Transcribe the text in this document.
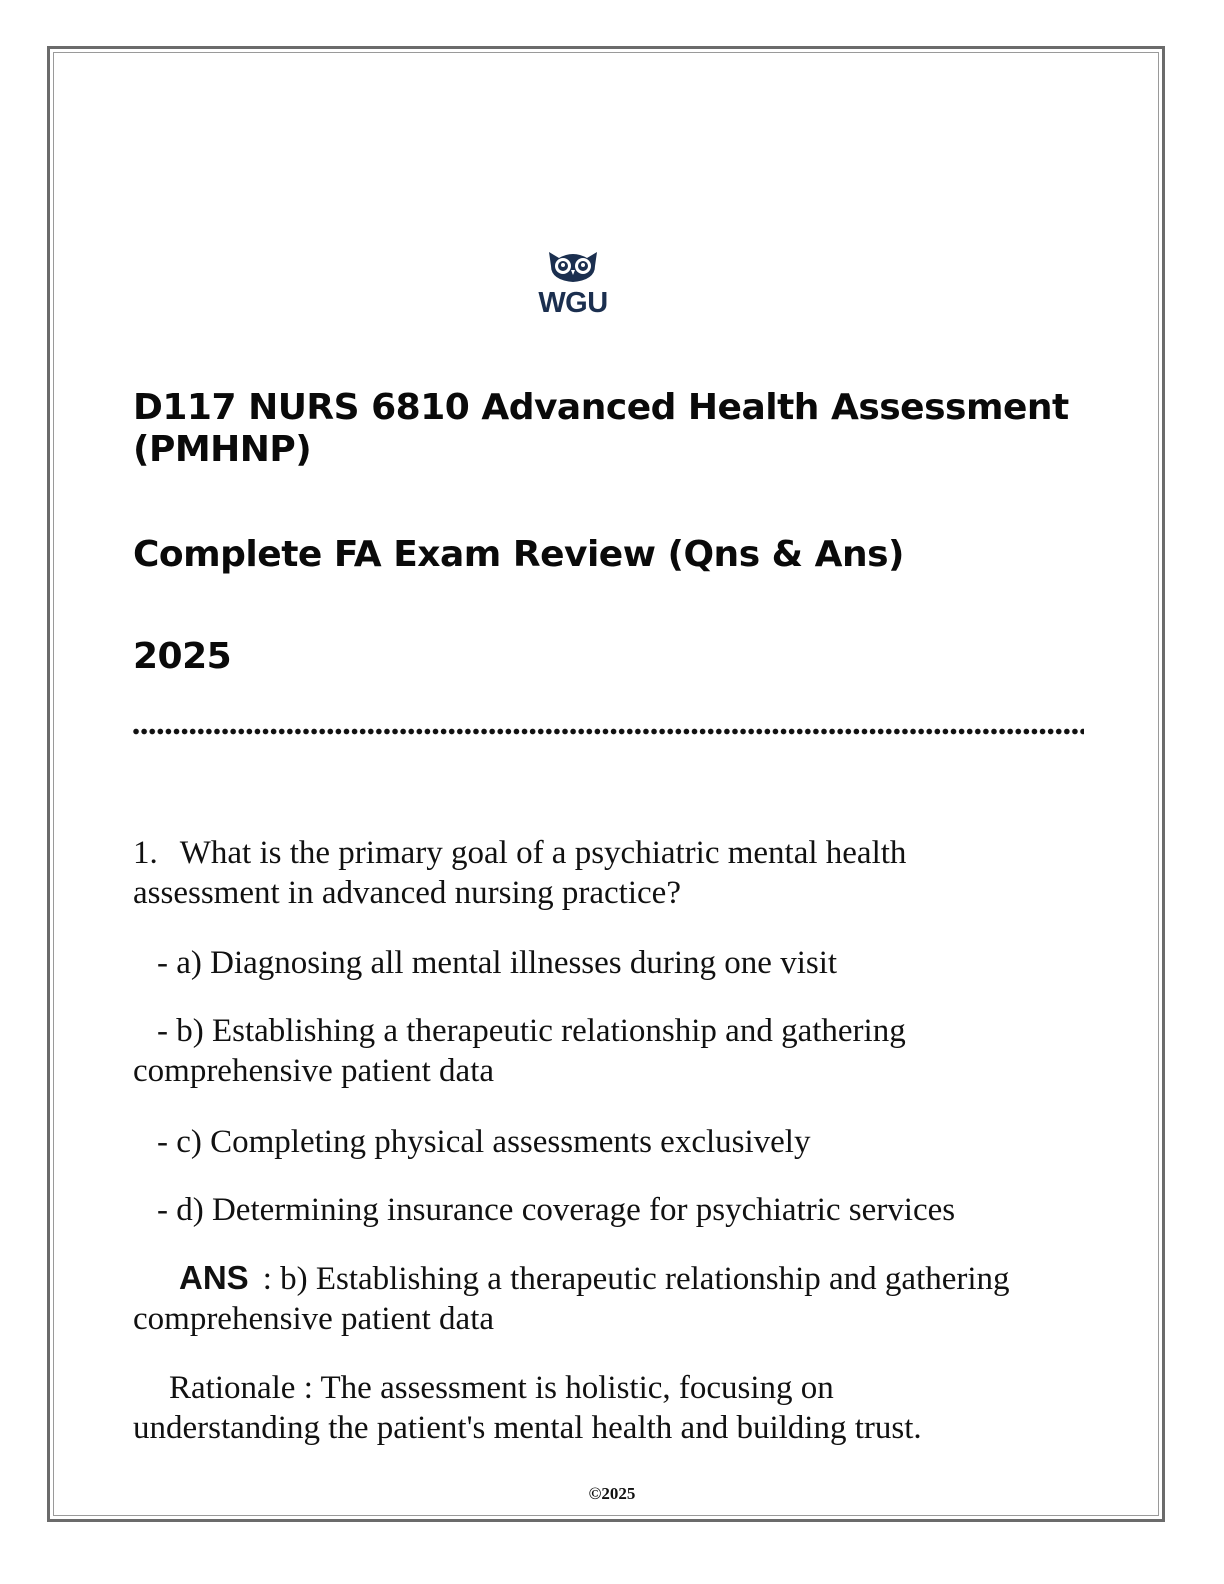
WGU
D117 NURS 6810 Advanced Health Assessment
(PMHNP)
Complete FA Exam Review (Qns & Ans)
2025
1. What is the primary goal of a psychiatric mental health
assessment in advanced nursing practice?
- a) Diagnosing all mental illnesses during one visit
- b) Establishing a therapeutic relationship and gathering
comprehensive patient data
- c) Completing physical assessments exclusively
- d) Determining insurance coverage for psychiatric services
ANS : b) Establishing a therapeutic relationship and gathering
comprehensive patient data
Rationale : The assessment is holistic, focusing on
understanding the patient's mental health and building trust.
©2025
